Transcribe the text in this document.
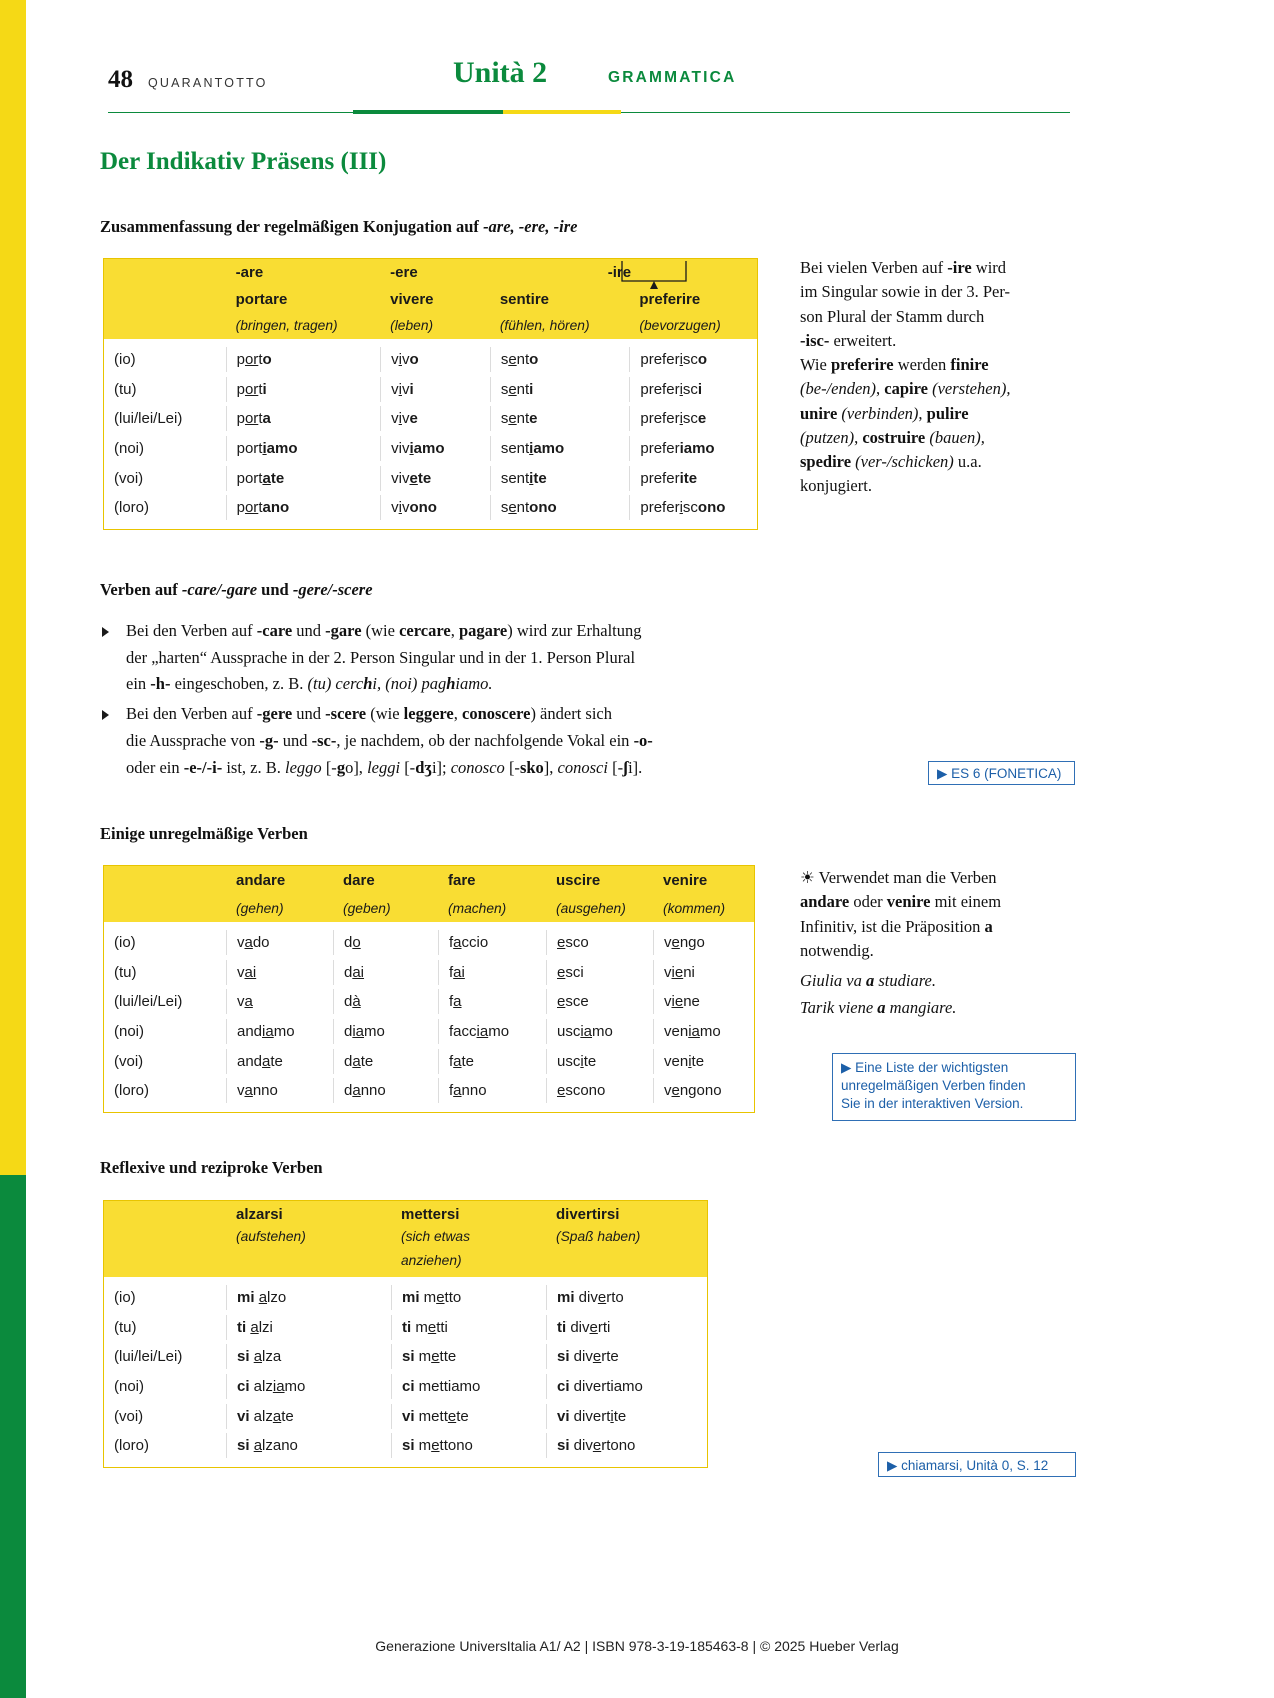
48 QUARANTOTTO	Unità 2	GRAMMATICA
Der Indikativ Präsens (III)
Zusammenfassung der regelmäßigen Konjugation auf -are, -ere, -ire
-are	-ere	-ire
portare	vivere	sentire	preferire
(bringen, tragen)	(leben)	(fühlen, hören)	(bevorzugen)
(io)	porto	vivo	sento	preferisco
(tu)	porti	vivi	senti	preferisci
(lui/lei/Lei)	porta	vive	sente	preferisce
(noi)	portiamo	viviamo	sentiamo	preferiamo
(voi)	portate	vivete	sentite	preferite
(loro)	portano	vivono	sentono	preferiscono
Bei vielen Verben auf -ire wird
im Singular sowie in der 3. Per-
son Plural der Stamm durch
-isc- erweitert.
Wie preferire werden finire
(be-/enden), capire (verstehen),
unire (verbinden), pulire
(putzen), costruire (bauen),
spedire (ver-/schicken) u.a.
konjugiert.
Verben auf -care/-gare und -gere/-scere
Bei den Verben auf -care und -gare (wie cercare, pagare) wird zur Erhaltung
der „harten“ Aussprache in der 2. Person Singular und in der 1. Person Plural
ein -h- eingeschoben, z. B. (tu) cerchi, (noi) paghiamo.
Bei den Verben auf -gere und -scere (wie leggere, conoscere) ändert sich
die Aussprache von -g- und -sc-, je nachdem, ob der nachfolgende Vokal ein -o-
oder ein -e-/-i- ist, z. B. leggo [-go], leggi [-dʒi]; conosco [-sko], conosci [-ʃi].	▶ ES 6 (FONETICA)
Einige unregelmäßige Verben
andare	dare	fare	uscire	venire
(gehen)	(geben)	(machen)	(ausgehen)	(kommen)
(io)	vado	do	faccio	esco	vengo
(tu)	vai	dai	fai	esci	vieni
(lui/lei/Lei)	va	dà	fa	esce	viene
(noi)	andiamo	diamo	facciamo	usciamo	veniamo
(voi)	andate	date	fate	uscite	venite
(loro)	vanno	danno	fanno	escono	vengono
☀ Verwendet man die Verben
andare oder venire mit einem
Infinitiv, ist die Präposition a
notwendig.
Giulia va a studiare.
Tarik viene a mangiare.
▶ Eine Liste der wichtigsten
unregelmäßigen Verben finden
Sie in der interaktiven Version.
Reflexive und reziproke Verben
alzarsi	mettersi	divertirsi
(aufstehen)	(sich etwas	(Spaß haben)
anziehen)
(io)	mi alzo	mi metto	mi diverto
(tu)	ti alzi	ti metti	ti diverti
(lui/lei/Lei)	si alza	si mette	si diverte
(noi)	ci alziamo	ci mettiamo	ci divertiamo
(voi)	vi alzate	vi mettete	vi divertite
(loro)	si alzano	si mettono	si divertono
▶ chiamarsi, Unità 0, S. 12
Generazione UniversItalia A1/ A2 | ISBN 978-3-19-185463-8 | © 2025 Hueber Verlag
